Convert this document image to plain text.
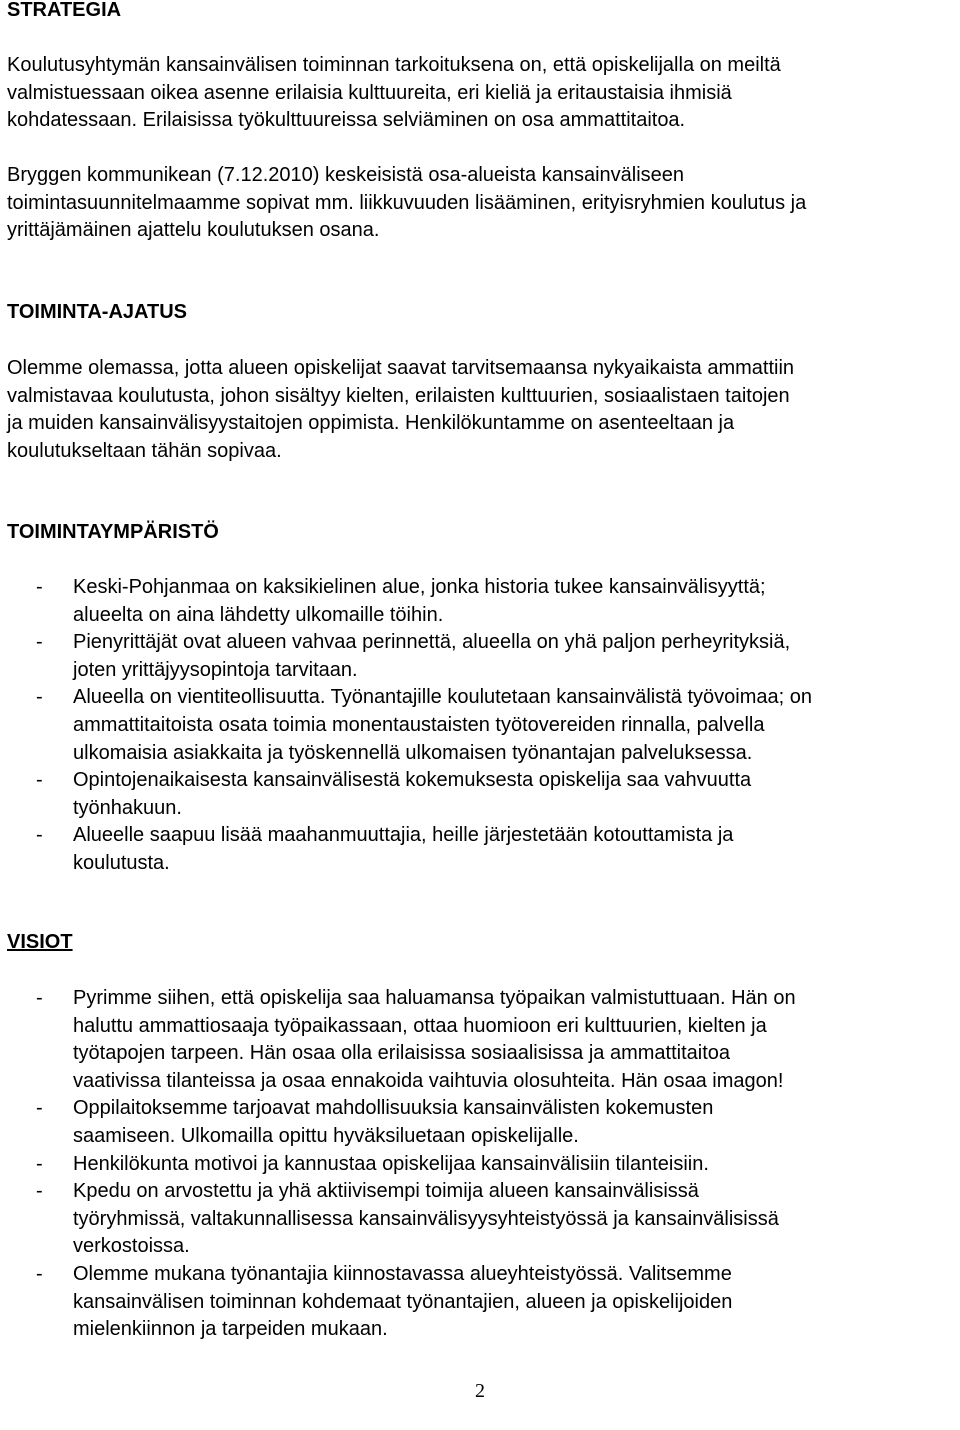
STRATEGIA

Koulutusyhtymän kansainvälisen toiminnan tarkoituksena on, että opiskelijalla on meiltä
valmistuessaan oikea asenne erilaisia kulttuureita, eri kieliä ja eritaustaisia ihmisiä
kohdatessaan. Erilaisissa työkulttuureissa selviäminen on osa ammattitaitoa.

Bryggen kommunikean (7.12.2010) keskeisistä osa-alueista kansainväliseen
toimintasuunnitelmaamme sopivat mm. liikkuvuuden lisääminen, erityisryhmien koulutus ja
yrittäjämäinen ajattelu koulutuksen osana.

TOIMINTA-AJATUS

Olemme olemassa, jotta alueen opiskelijat saavat tarvitsemaansa nykyaikaista ammattiin
valmistavaa koulutusta, johon sisältyy kielten, erilaisten kulttuurien, sosiaalistaen taitojen
ja muiden kansainvälisyystaitojen oppimista. Henkilökuntamme on asenteeltaan ja
koulutukseltaan tähän sopivaa.

TOIMINTAYMPÄRISTÖ
- Keski-Pohjanmaa on kaksikielinen alue, jonka historia tukee kansainvälisyyttä;
alueelta on aina lähdetty ulkomaille töihin.
- Pienyrittäjät ovat alueen vahvaa perinnettä, alueella on yhä paljon perheyrityksiä,
joten yrittäjyysopintoja tarvitaan.
- Alueella on vientiteollisuutta. Työnantajille koulutetaan kansainvälistä työvoimaa; on
ammattitaitoista osata toimia monentaustaisten työtovereiden rinnalla, palvella
ulkomaisia asiakkaita ja työskennellä ulkomaisen työnantajan palveluksessa.
- Opintojenaikaisesta kansainvälisestä kokemuksesta opiskelija saa vahvuutta
työnhakuun.
- Alueelle saapuu lisää maahanmuuttajia, heille järjestetään kotouttamista ja
koulutusta.
VISIOT
- Pyrimme siihen, että opiskelija saa haluamansa työpaikan valmistuttuaan. Hän on
haluttu ammattiosaaja työpaikassaan, ottaa huomioon eri kulttuurien, kielten ja
työtapojen tarpeen. Hän osaa olla erilaisissa sosiaalisissa ja ammattitaitoa
vaativissa tilanteissa ja osaa ennakoida vaihtuvia olosuhteita. Hän osaa imagon!
- Oppilaitoksemme tarjoavat mahdollisuuksia kansainvälisten kokemusten
saamiseen. Ulkomailla opittu hyväksiluetaan opiskelijalle.
- Henkilökunta motivoi ja kannustaa opiskelijaa kansainvälisiin tilanteisiin.
- Kpedu on arvostettu ja yhä aktiivisempi toimija alueen kansainvälisissä
työryhmissä, valtakunnallisessa kansainvälisyysyhteistyössä ja kansainvälisissä
verkostoissa.
- Olemme mukana työnantajia kiinnostavassa alueyhteistyössä. Valitsemme
kansainvälisen toiminnan kohdemaat työnantajien, alueen ja opiskelijoiden
mielenkiinnon ja tarpeiden mukaan.
2
